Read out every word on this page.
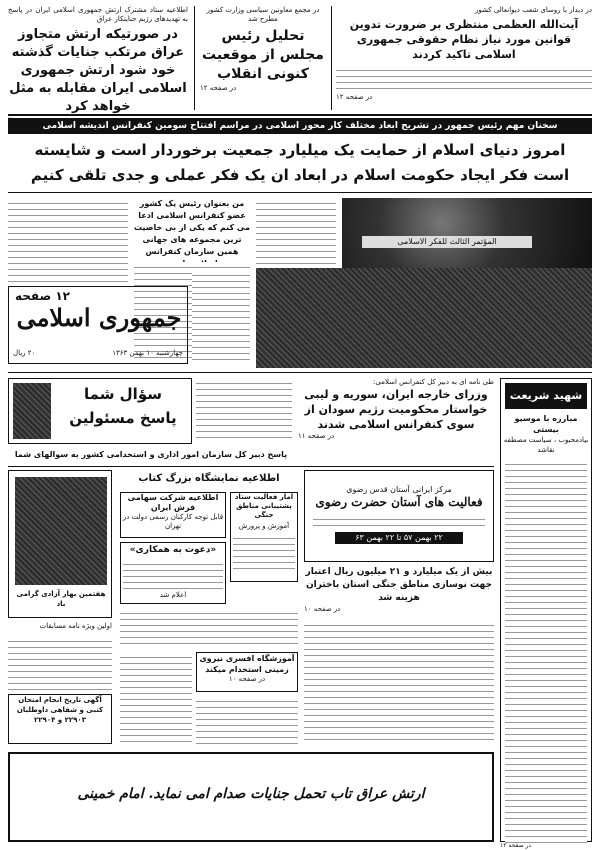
اطلاعیه ستاد مشترک ارتش جمهوری اسلامی ایران در پاسخ به تهدیدهای رژیم جنایتکار عراق
در صورتیکه ارتش متجاوز عراق مرتکب جنایات گذشته خود شود ارتش جمهوری اسلامی ایران مقابله به مثل خواهد کرد
در مجمع معاونین سیاسی وزارت کشور مطرح شد
تحلیل رئیس مجلس از موقعیت کنونی انقلاب
در صفحه ۱۲
در دیدار با روسای شعب دیوانعالی کشور
آیت‌الله العظمی منتظری بر ضرورت تدوین قوانین مورد نیاز نظام حقوقی جمهوری اسلامی تاکید کردند
در صفحه ۱۲
سخنان مهم رئیس جمهور در تشریح ابعاد مختلف کار محور اسلامی در مراسم افتتاح سومین کنفرانس اندیشه اسلامی
امروز دنیای اسلام از حمایت یک میلیارد جمعیت برخوردار است و شایسته
است فکر ایجاد حکومت اسلام در ابعاد ان یک فکر عملی و جدی تلقی کنیم
من بعنوان رئیس یک کشور عضو کنفرانس اسلامی ادعا می کنم که یکی از بی خاصیت ترین مجموعه های جهانی همین سازمان کنفرانس
المؤتمر الثالث للفکر الاسلامی
۱۲ صفحه
جمهوری اسلامی
چهارشنبه ۱۰ بهمن ۱۳۶۳
۲۰ ریال
شهید شریعت
مبارزه با موسیو بیستی
بیادمحبوب ، سیاست مصطفه نقاشد
طی نامه ای به دبیر کل کنفرانس اسلامی:
وزرای خارجه ایران، سوریه و لیبی خواستار محکومیت رژیم سودان از سوی کنفرانس اسلامی شدند
در صفحه ۱۱
سؤال شما
پاسخ مسئولین
پاسخ دبیر کل سازمان امور اداری و استخدامی کشور به سوالهای شما
اطلاعیه نمایشگاه بزرگ کتاب
مرکز ایرانی آستان قدس رضوی
فعالیت های آستان حضرت رضوی
۲۲ بهمن ۵۷ تا ۲۲ بهمن ۶۳
هفتمین بهار آزادی گرامی باد
اولین ویژه نامه مسابقات
آمار فعالیت ستاد پشتیبانی مناطق جنگی
آموزش و پرورش
اطلاعیه شرکت سهامی فرش ایران
قابل توجه کارکنان رسمی دولت در تهران
«دعوت به همکاری»
اعلام شد
بیش از یک میلیارد و ۲۱ میلیون ریال اعتبار جهت نوسازی مناطق جنگی استان باختران هزینه شد
در صفحه ۱۰
آموزشگاه افسری نیروی زمینی استخدام میکند
در صفحه ۱۰
آگهی تاریخ انجام امتحان کتبی و شفاهی داوطلبان ۲۲۹۰۳ و ۲۲۹۰۴
ارتش عراق تاب تحمل جنایات صدام امی نماید. امام خمینی
در صفحه ۱۲
